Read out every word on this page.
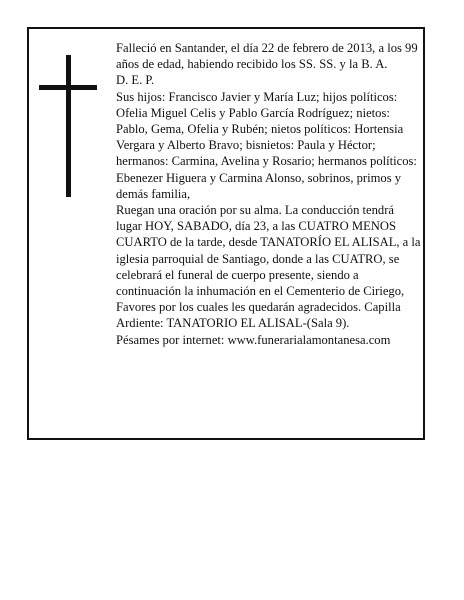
Falleció en Santander, el día 22 de febrero de 2013, a los 99 años de edad, habiendo recibido los SS. SS. y la B. A.

D. E. P.

Sus hijos: Francisco Javier y María Luz; hijos políticos: Ofelia Miguel Celis y Pablo García Rodríguez; nietos: Pablo, Gema, Ofelia y Rubén; nietos políticos: Hortensia Vergara y Alberto Bravo; bisnietos: Paula y Héctor; hermanos: Carmina, Avelina y Rosario; hermanos políticos: Ebenezer Higuera y Carmina Alonso, sobrinos, primos y demás familia,

Ruegan una oración por su alma. La conducción tendrá lugar HOY, SABADO, día 23, a las CUATRO MENOS CUARTO de la tarde, desde TANATORÍO EL ALISAL, a la iglesia parroquial de Santiago, donde a las CUATRO, se celebrará el funeral de cuerpo presente, siendo a continuación la inhumación en el Cementerio de Ciriego, Favores por los cuales les quedarán agradecidos. Capilla Ardiente: TANATORIO EL ALISAL-(Sala 9).

Pésames por internet: www.funerarialamontanesa.com
